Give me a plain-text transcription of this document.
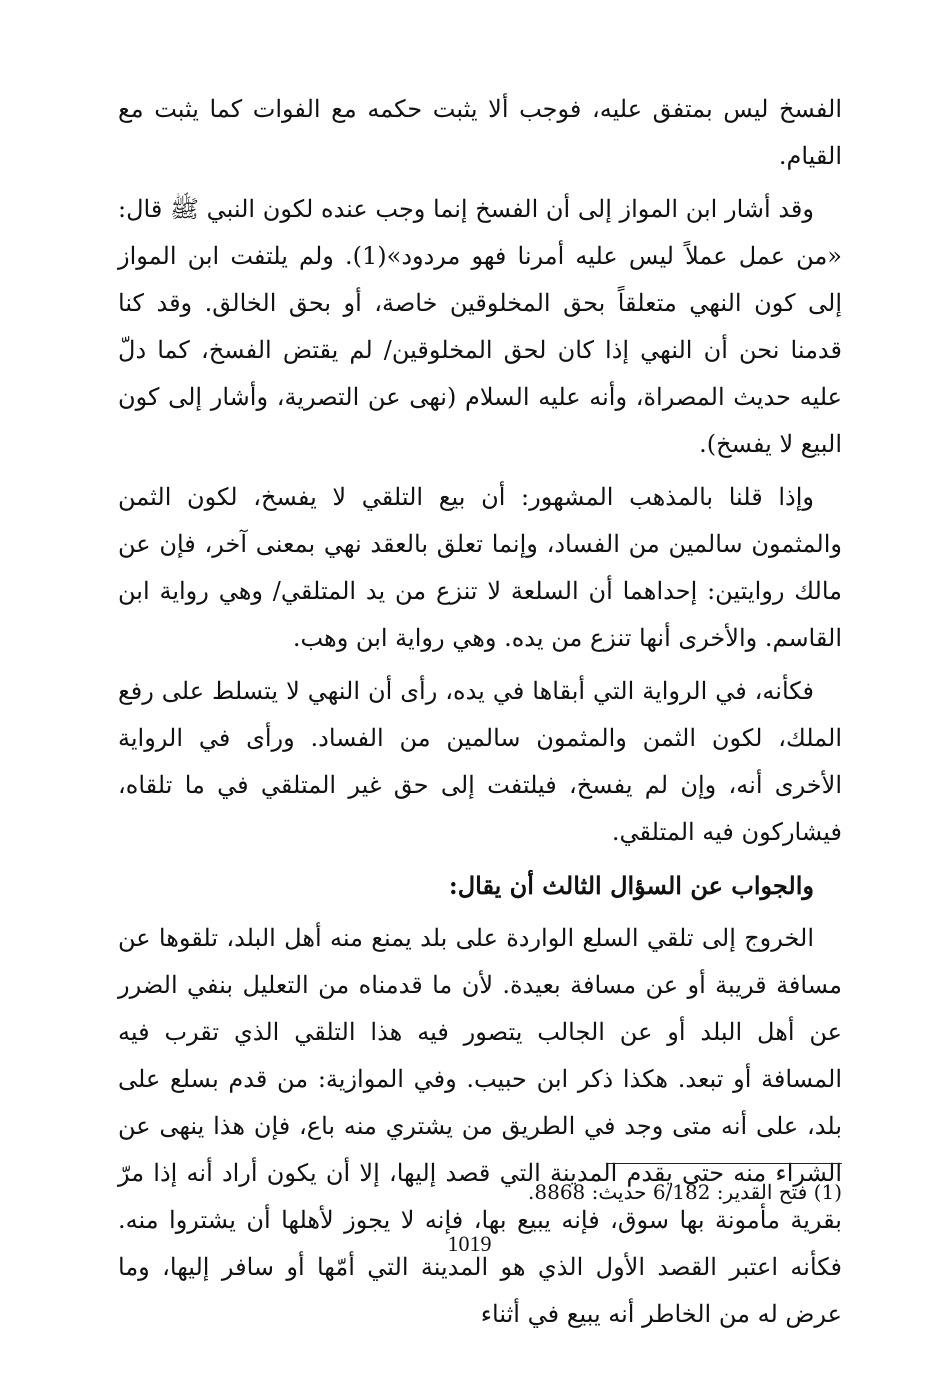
الفسخ ليس بمتفق عليه، فوجب ألا يثبت حكمه مع الفوات كما يثبت مع القيام.

وقد أشار ابن المواز إلى أن الفسخ إنما وجب عنده لكون النبي ﷺ قال: «من عمل عملاً ليس عليه أمرنا فهو مردود»(1). ولم يلتفت ابن المواز إلى كون النهي متعلقاً بحق المخلوقين خاصة، أو بحق الخالق. وقد كنا قدمنا نحن أن النهي إذا كان لحق المخلوقين/ لم يقتض الفسخ، كما دلّ عليه حديث المصراة، وأنه عليه السلام (نهى عن التصرية، وأشار إلى كون البيع لا يفسخ).

وإذا قلنا بالمذهب المشهور: أن بيع التلقي لا يفسخ، لكون الثمن والمثمون سالمين من الفساد، وإنما تعلق بالعقد نهي بمعنى آخر، فإن عن مالك روايتين: إحداهما أن السلعة لا تنزع من يد المتلقي/ وهي رواية ابن القاسم. والأخرى أنها تنزع من يده. وهي رواية ابن وهب.

فكأنه، في الرواية التي أبقاها في يده، رأى أن النهي لا يتسلط على رفع الملك، لكون الثمن والمثمون سالمين من الفساد. ورأى في الرواية الأخرى أنه، وإن لم يفسخ، فيلتفت إلى حق غير المتلقي في ما تلقاه، فيشاركون فيه المتلقي.

والجواب عن السؤال الثالث أن يقال:

الخروج إلى تلقي السلع الواردة على بلد يمنع منه أهل البلد، تلقوها عن مسافة قريبة أو عن مسافة بعيدة. لأن ما قدمناه من التعليل بنفي الضرر عن أهل البلد أو عن الجالب يتصور فيه هذا التلقي الذي تقرب فيه المسافة أو تبعد. هكذا ذكر ابن حبيب. وفي الموازية: من قدم بسلع على بلد، على أنه متى وجد في الطريق من يشتري منه باع، فإن هذا ينهى عن الشراء منه حتى يقدم المدينة التي قصد إليها، إلا أن يكون أراد أنه إذا مرّ بقرية مأمونة بها سوق، فإنه يبيع بها، فإنه لا يجوز لأهلها أن يشتروا منه. فكأنه اعتبر القصد الأول الذي هو المدينة التي أمّها أو سافر إليها، وما عرض له من الخاطر أنه يبيع في أثناء

(1) فتح القدير: 6/182 حديث: 8868.
1019
